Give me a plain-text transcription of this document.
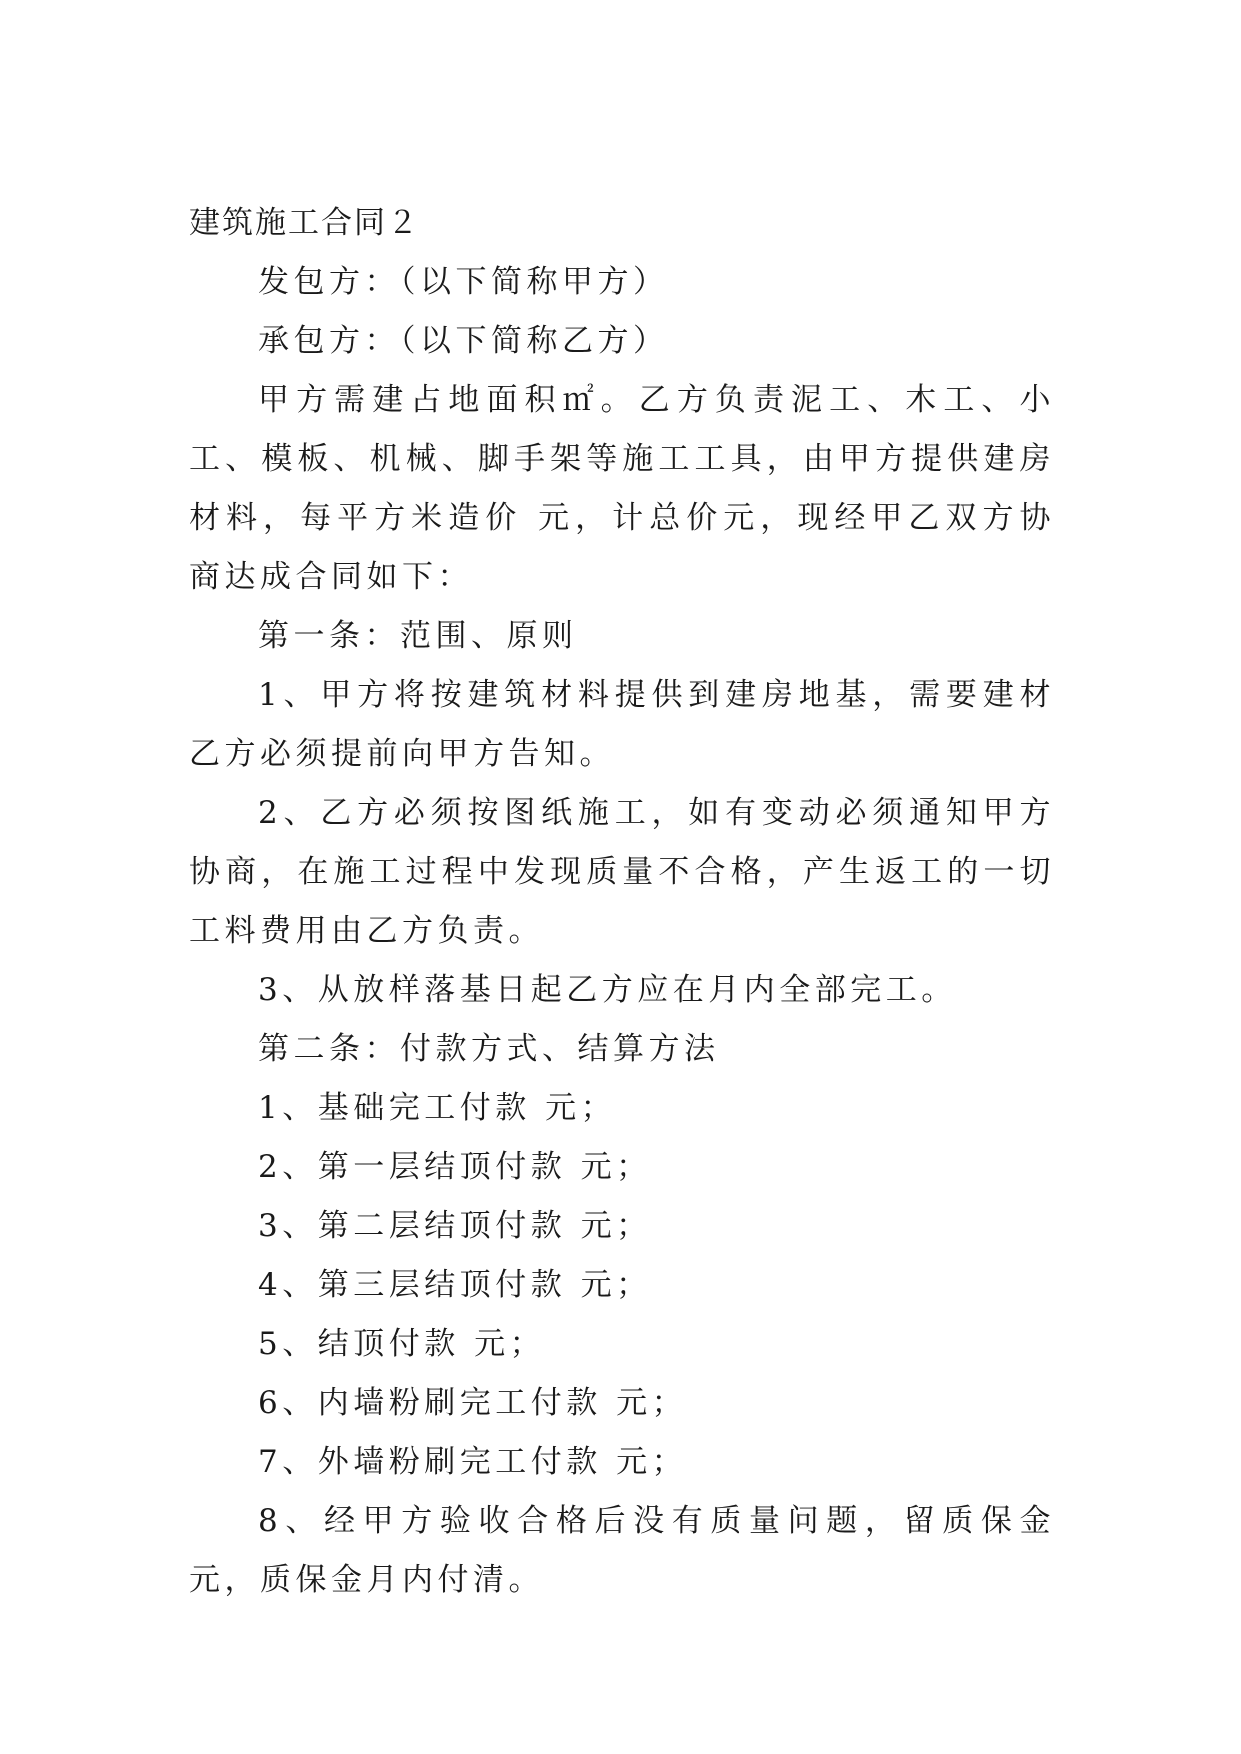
建筑施工合同２

发包方：（以下简称甲方）

承包方：（以下简称乙方）

甲方需建占地面积㎡。乙方负责泥工、木工、小工、模板、机械、脚手架等施工工具，由甲方提供建房材料，每平方米造价 元，计总价元，现经甲乙双方协商达成合同如下：

第一条：范围、原则

1、甲方将按建筑材料提供到建房地基，需要建材乙方必须提前向甲方告知。

2、乙方必须按图纸施工，如有变动必须通知甲方协商，在施工过程中发现质量不合格，产生返工的一切工料费用由乙方负责。

3、从放样落基日起乙方应在月内全部完工。

第二条：付款方式、结算方法

1、基础完工付款 元；

2、第一层结顶付款 元；

3、第二层结顶付款 元；

4、第三层结顶付款 元；

5、结顶付款 元；

6、内墙粉刷完工付款 元；

7、外墙粉刷完工付款 元；

8、经甲方验收合格后没有质量问题，留质保金 元，质保金月内付清。
